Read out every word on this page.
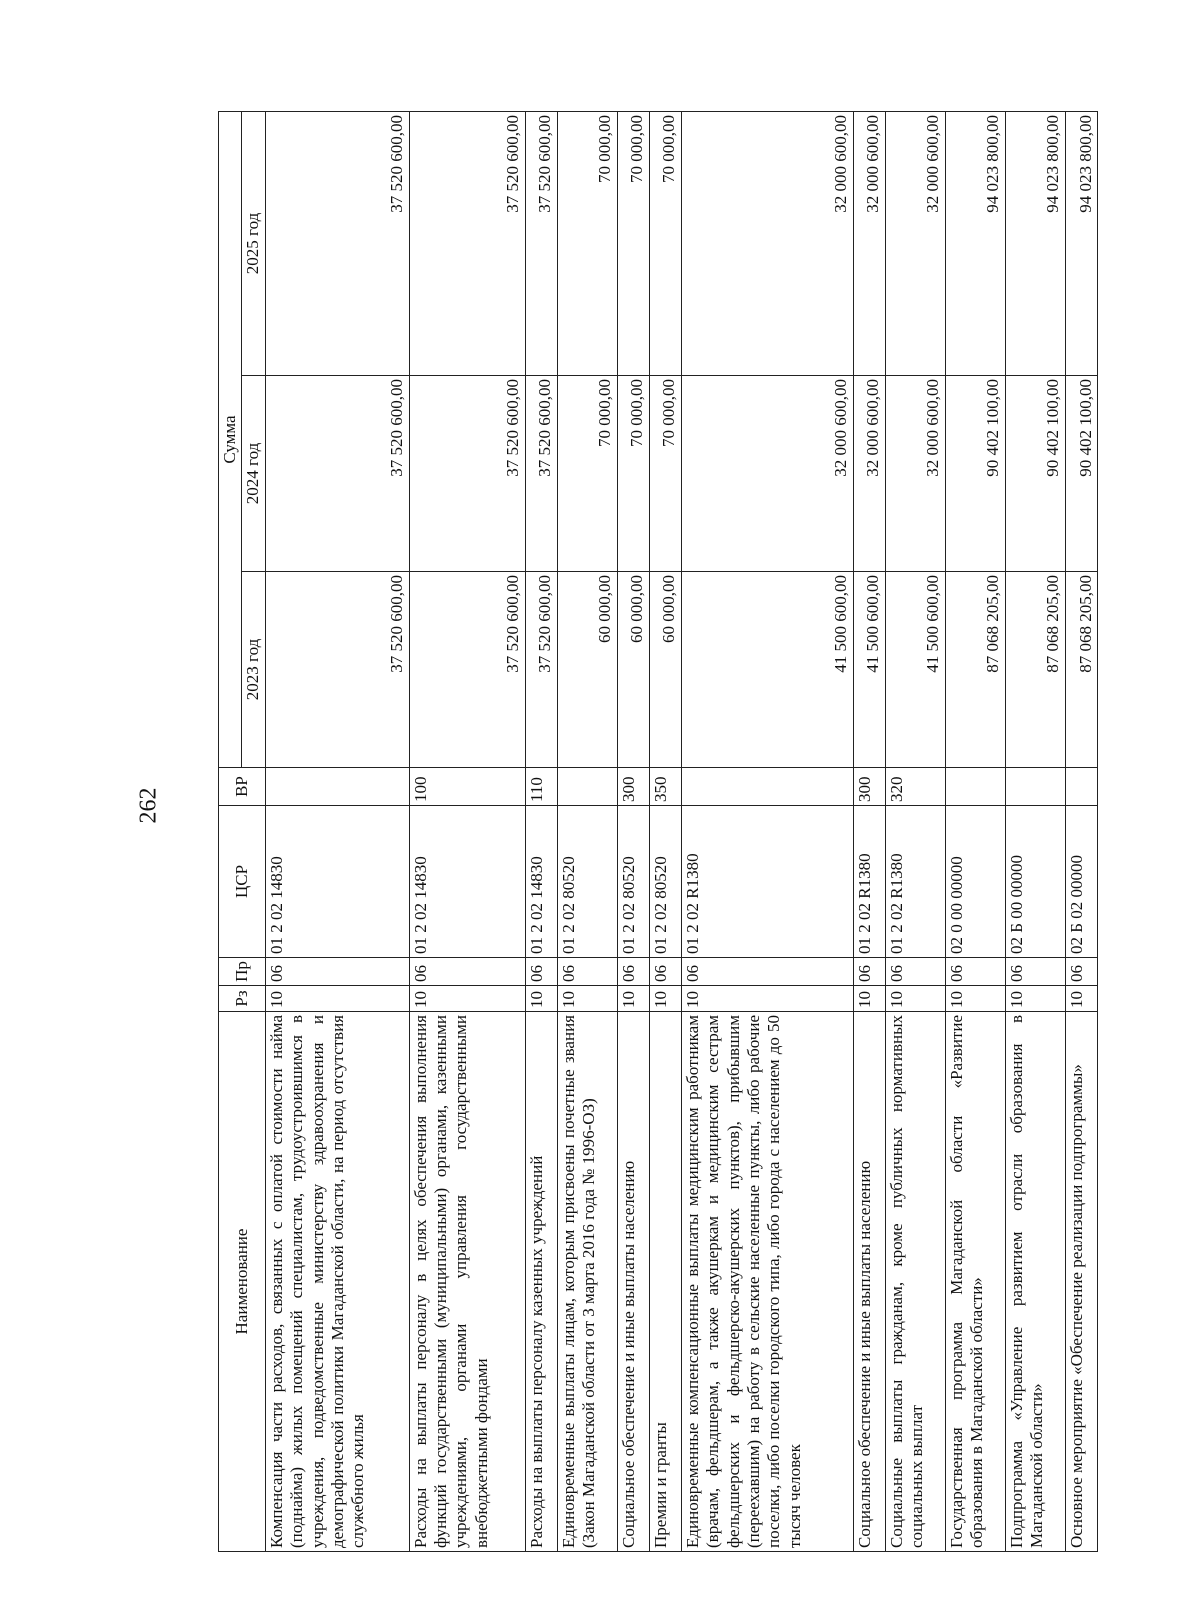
262
Наименование	Рз	Пр	ЦСР	ВР	Сумма		
					2023 год	2024 год	2025 год
Компенсация части расходов, связанных с оплатой стоимости найма (поднайма) жилых помещений специалистам, трудоустроившимся в учреждения, подведомственные министерству здравоохранения и демографической политики Магаданской области, на период отсутствия служебного жилья	10	06	01 2 02 14830		37 520 600,00	37 520 600,00	37 520 600,00
Расходы на выплаты персоналу в целях обеспечения выполнения функций государственными (муниципальными) органами, казенными учреждениями, органами управления государственными внебюджетными фондами	10	06	01 2 02 14830	100	37 520 600,00	37 520 600,00	37 520 600,00
Расходы на выплаты персоналу казенных учреждений	10	06	01 2 02 14830	110	37 520 600,00	37 520 600,00	37 520 600,00
Единовременные выплаты лицам, которым присвоены почетные звания (Закон Магаданской области от 3 марта 2016 года № 1996-ОЗ)	10	06	01 2 02 80520		60 000,00	70 000,00	70 000,00
Социальное обеспечение и иные выплаты населению	10	06	01 2 02 80520	300	60 000,00	70 000,00	70 000,00
Премии и гранты	10	06	01 2 02 80520	350	60 000,00	70 000,00	70 000,00
Единовременные компенсационные выплаты медицинским работникам (врачам, фельдшерам, а также акушеркам и медицинским сестрам фельдшерских и фельдшерско-акушерских пунктов), прибывшим (переехавшим) на работу в сельские населенные пункты, либо рабочие поселки, либо поселки городского типа, либо города с населением до 50 тысяч человек	10	06	01 2 02 R1380		41 500 600,00	32 000 600,00	32 000 600,00
Социальное обеспечение и иные выплаты населению	10	06	01 2 02 R1380	300	41 500 600,00	32 000 600,00	32 000 600,00
Социальные выплаты гражданам, кроме публичных нормативных социальных выплат	10	06	01 2 02 R1380	320	41 500 600,00	32 000 600,00	32 000 600,00
Государственная программа Магаданской области «Развитие образования в Магаданской области»	10	06	02 0 00 00000		87 068 205,00	90 402 100,00	94 023 800,00
Подпрограмма «Управление развитием отрасли образования в Магаданской области»	10	06	02 Б 00 00000		87 068 205,00	90 402 100,00	94 023 800,00
Основное мероприятие «Обеспечение реализации подпрограммы»	10	06	02 Б 02 00000		87 068 205,00	90 402 100,00	94 023 800,00
